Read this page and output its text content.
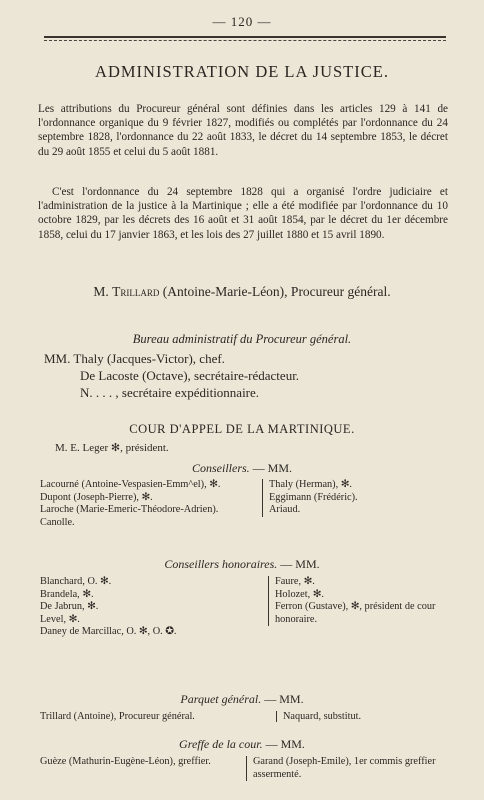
— 120 —
ADMINISTRATION DE LA JUSTICE.

Les attributions du Procureur général sont définies dans les articles 129 à 141 de l'ordonnance organique du 9 février 1827, modifiés ou complétés par l'ordonnance du 24 septembre 1828, l'ordonnance du 22 août 1833, le décret du 14 septembre 1853, le décret du 29 août 1855 et celui du 5 août 1881.

C'est l'ordonnance du 24 septembre 1828 qui a organisé l'ordre judiciaire et l'administration de la justice à la Martinique ; elle a été modifiée par l'ordonnance du 10 octobre 1829, par les décrets des 16 août et 31 août 1854, par le décret du 1er décembre 1858, celui du 17 janvier 1863, et les lois des 27 juillet 1880 et 15 avril 1890.

M. Trillard (Antoine-Marie-Léon), Procureur général.
Bureau administratif du Procureur général.
MM. Thaly (Jacques-Victor), chef.
De Lacoste (Octave), secrétaire-rédacteur.
N. . . . , secrétaire expéditionnaire.
COUR D'APPEL DE LA MARTINIQUE.
M. E. Leger ✻, président.
Conseillers. — MM.
Lacourné (Antoine-Vespasien-Emm^el), ✻.
Dupont (Joseph-Pierre), ✻.
Laroche (Marie-Emeric-Théodore-Adrien).
Canolle.
Thaly (Herman), ✻.
Eggimann (Frédéric).
Ariaud.
Conseillers honoraires. — MM.
Blanchard, O. ✻.
Brandela, ✻.
De Jabrun, ✻.
Level, ✻.
Daney de Marcillac, O. ✻, O. ✪.
Faure, ✻.
Holozet, ✻.
Ferron (Gustave), ✻, président de cour honoraire.
Parquet général. — MM.
Trillard (Antoine), Procureur général.	Naquard, substitut.
Greffe de la cour. — MM.
Guèze (Mathurin-Eugène-Léon), greffier.	Garand (Joseph-Emile), 1er commis greffier assermenté.
